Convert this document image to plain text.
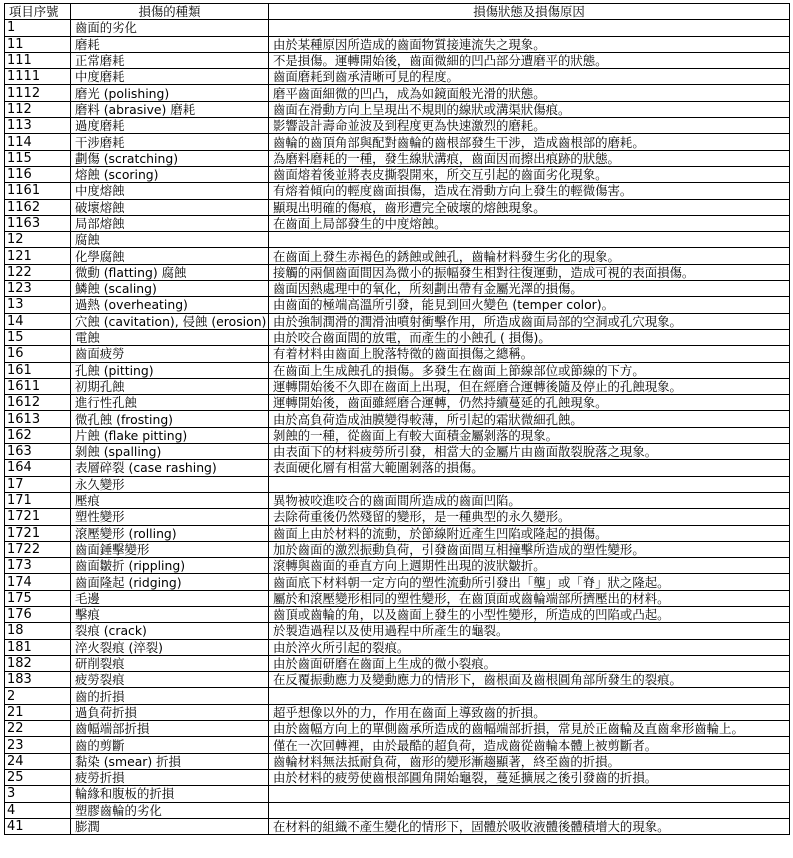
項目序號	損傷的種類	損傷狀態及損傷原因
1	齒面的劣化	
11	磨耗	由於某種原因所造成的齒面物質接連流失之現象。
111	正常磨耗	不是損傷。運轉開始後，齒面微細的凹凸部分遭磨平的狀態。
1111	中度磨耗	齒面磨耗到齒承清晰可見的程度。
1112	磨光 (polishing)	磨平齒面細微的凹凸，成為如鏡面般光滑的狀態。
112	磨料 (abrasive) 磨耗	齒面在滑動方向上呈現出不規則的線狀或溝渠狀傷痕。
113	過度磨耗	影響設計壽命並波及到程度更為快速激烈的磨耗。
114	干涉磨耗	齒輪的齒頂角部與配對齒輪的齒根部發生干涉，造成齒根部的磨耗。
115	劃傷 (scratching)	為磨料磨耗的一種，發生線狀溝痕，齒面因而擦出痕跡的狀態。
116	熔蝕 (scoring)	齒面熔着後並將表皮撕裂開來，所交互引起的齒面劣化現象。
1161	中度熔蝕	有熔着傾向的輕度齒面損傷，造成在滑動方向上發生的輕微傷害。
1162	破壞熔蝕	顯現出明確的傷痕，齒形遭完全破壞的熔蝕現象。
1163	局部熔蝕	在齒面上局部發生的中度熔蝕。
12	腐蝕	
121	化學腐蝕	在齒面上發生赤褐色的銹蝕或蝕孔，齒輪材料發生劣化的現象。
122	微動 (flatting) 腐蝕	接觸的兩個齒面間因為微小的振幅發生相對往復運動，造成可視的表面損傷。
123	鱗蝕 (scaling)	齒面因熱處理中的氧化，所刻劃出帶有金屬光澤的損傷。
13	過熱 (overheating)	由齒面的極端高溫所引發，能見到回火變色 (temper color)。
14	穴蝕 (cavitation), 侵蝕 (erosion)	由於強制潤滑的潤滑油噴射衝擊作用，所造成齒面局部的空洞或孔穴現象。
15	電蝕	由於咬合齒面間的放電，而產生的小蝕孔 ( 損傷)。
16	齒面疲勞	有着材料由齒面上脫落特徵的齒面損傷之總稱。
161	孔蝕 (pitting)	在齒面上生成蝕孔的損傷。多發生在齒面上節線部位或節線的下方。
1611	初期孔蝕	運轉開始後不久即在齒面上出現，但在經磨合運轉後隨及停止的孔蝕現象。
1612	進行性孔蝕	運轉開始後，齒面雖經磨合運轉，仍然持續蔓延的孔蝕現象。
1613	微孔蝕 (frosting)	由於高負荷造成油膜變得較薄，所引起的霜狀微細孔蝕。
162	片蝕 (flake pitting)	剝蝕的一種，從齒面上有較大面積金屬剝落的現象。
163	剝蝕 (spalling)	由表面下的材料疲勞所引發，相當大的金屬片由齒面散裂脫落之現象。
164	表層碎裂 (case rashing)	表面硬化層有相當大範圍剝落的損傷。
17	永久變形	
171	壓痕	異物被咬進咬合的齒面間所造成的齒面凹陷。
1721	塑性變形	去除荷重後仍然殘留的變形，是一種典型的永久變形。
1721	滾壓變形 (rolling)	齒面上由於材料的流動，於節線附近產生凹陷或隆起的損傷。
1722	齒面錘擊變形	加於齒面的激烈振動負荷，引發齒面間互相撞擊所造成的塑性變形。
173	齒面皺折 (rippling)	滾轉與齒面的垂直方向上週期性出現的波狀皺折。
174	齒面隆起 (ridging)	齒面底下材料朝一定方向的塑性流動所引發出「壟」或「脊」狀之隆起。
175	毛邊	屬於和滾壓變形相同的塑性變形，在齒頂面或齒輪端部所擠壓出的材料。
176	擊痕	齒頂或齒輪的角，以及齒面上發生的小型性變形，所造成的凹陷或凸起。
18	裂痕 (crack)	於製造過程以及使用過程中所產生的龜裂。
181	淬火裂痕 (淬裂)	由於淬火所引起的裂痕。
182	研削裂痕	由於齒面研磨在齒面上生成的微小裂痕。
183	疲勞裂痕	在反覆振動應力及變動應力的情形下，齒根面及齒根圓角部所發生的裂痕。
2	齒的折損	
21	過負荷折損	超乎想像以外的力，作用在齒面上導致齒的折損。
22	齒幅端部折損	由於齒幅方向上的單側齒承所造成的齒幅端部折損，常見於正齒輪及直齒傘形齒輪上。
23	齒的剪斷	僅在一次回轉裡，由於最酷的超負荷，造成齒從齒輪本體上被剪斷者。
24	黏染 (smear) 折損	齒輪材料無法抵耐負荷，齒形的變形漸趨顯著，終至齒的折損。
25	疲勞折損	由於材料的疲勞使齒根部圓角開始龜裂，蔓延擴展之後引發齒的折損。
3	輪緣和腹板的折損	
4	塑膠齒輪的劣化	
41	膨潤	在材料的組織不產生變化的情形下，固體於吸收液體後體積增大的現象。
